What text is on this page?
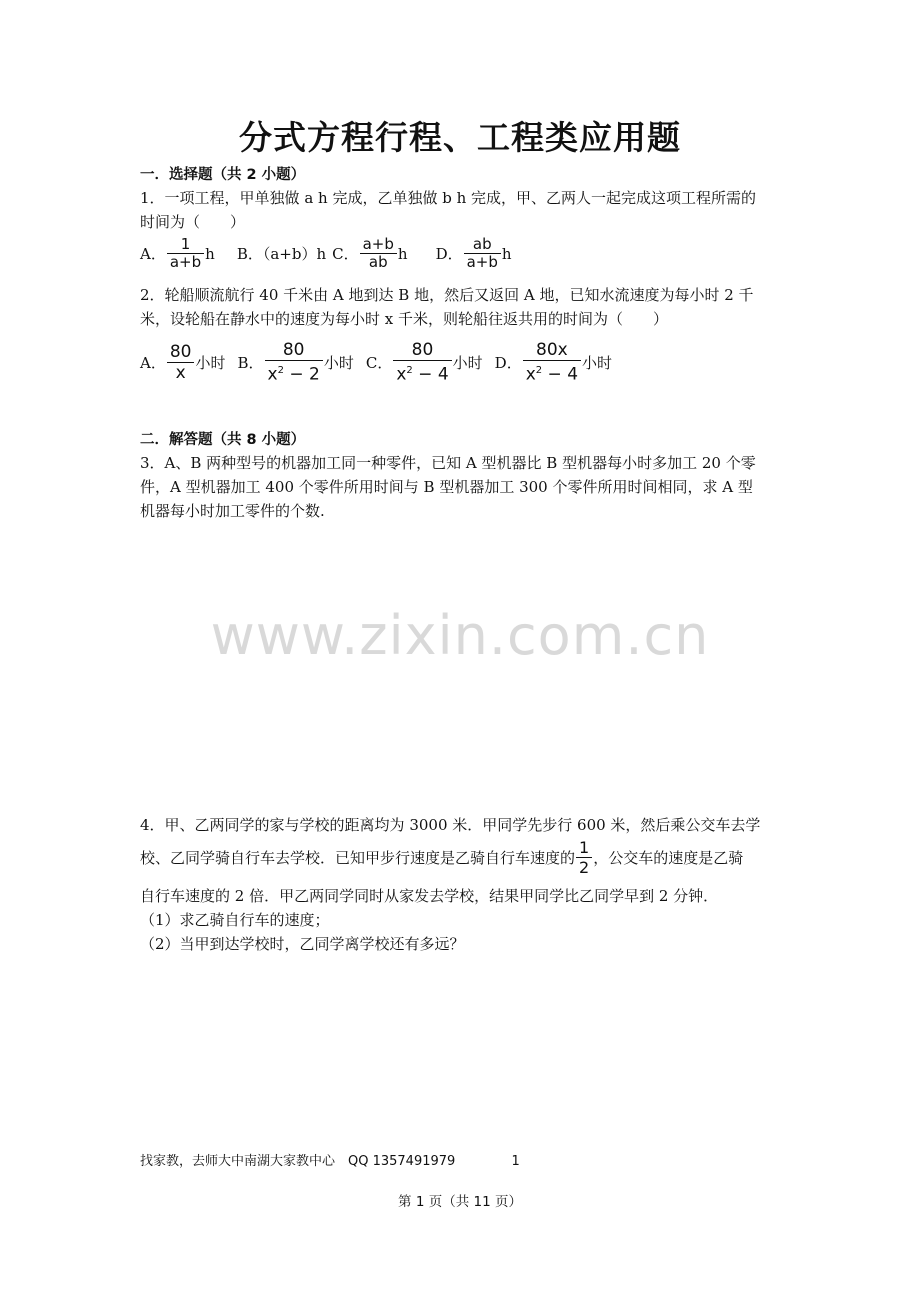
分式方程行程、工程类应用题
一．选择题（共 2 小题）
1．一项工程，甲单独做 a h 完成，乙单独做 b h 完成，甲、乙两人一起完成这项工程所需的
时间为（　　）
A． $\frac{1}{a+b}$ h B．（a+b）h C． $\frac{a+b}{ab}$ h D． $\frac{ab}{a+b}$ h
2．轮船顺流航行 40 千米由 A 地到达 B 地，然后又返回 A 地，已知水流速度为每小时 2 千
米，设轮船在静水中的速度为每小时 x 千米，则轮船往返共用的时间为（　　）
A． $\frac{80}{x}$ 小时 B． $\frac{80}{x^2 - 2}$ 小时 C． $\frac{80}{x^2 - 4}$ 小时 D． $\frac{80x}{x^2 - 4}$ 小时
二．解答题（共 8 小题）
3．A、B 两种型号的机器加工同一种零件，已知 A 型机器比 B 型机器每小时多加工 20 个零
件，A 型机器加工 400 个零件所用时间与 B 型机器加工 300 个零件所用时间相同，求 A 型
机器每小时加工零件的个数.
www.zixin.com.cn
4．甲、乙两同学的家与学校的距离均为 3000 米．甲同学先步行 600 米，然后乘公交车去学
校、乙同学骑自行车去学校．已知甲步行速度是乙骑自行车速度的 $\frac{1}{2}$ ，公交车的速度是乙骑
自行车速度的 2 倍．甲乙两同学同时从家发去学校，结果甲同学比乙同学早到 2 分钟．
（1）求乙骑自行车的速度；
（2）当甲到达学校时，乙同学离学校还有多远？
找家教，去师大中南湖大家教中心　QQ 1357491979	1
第 1 页（共 11 页）
